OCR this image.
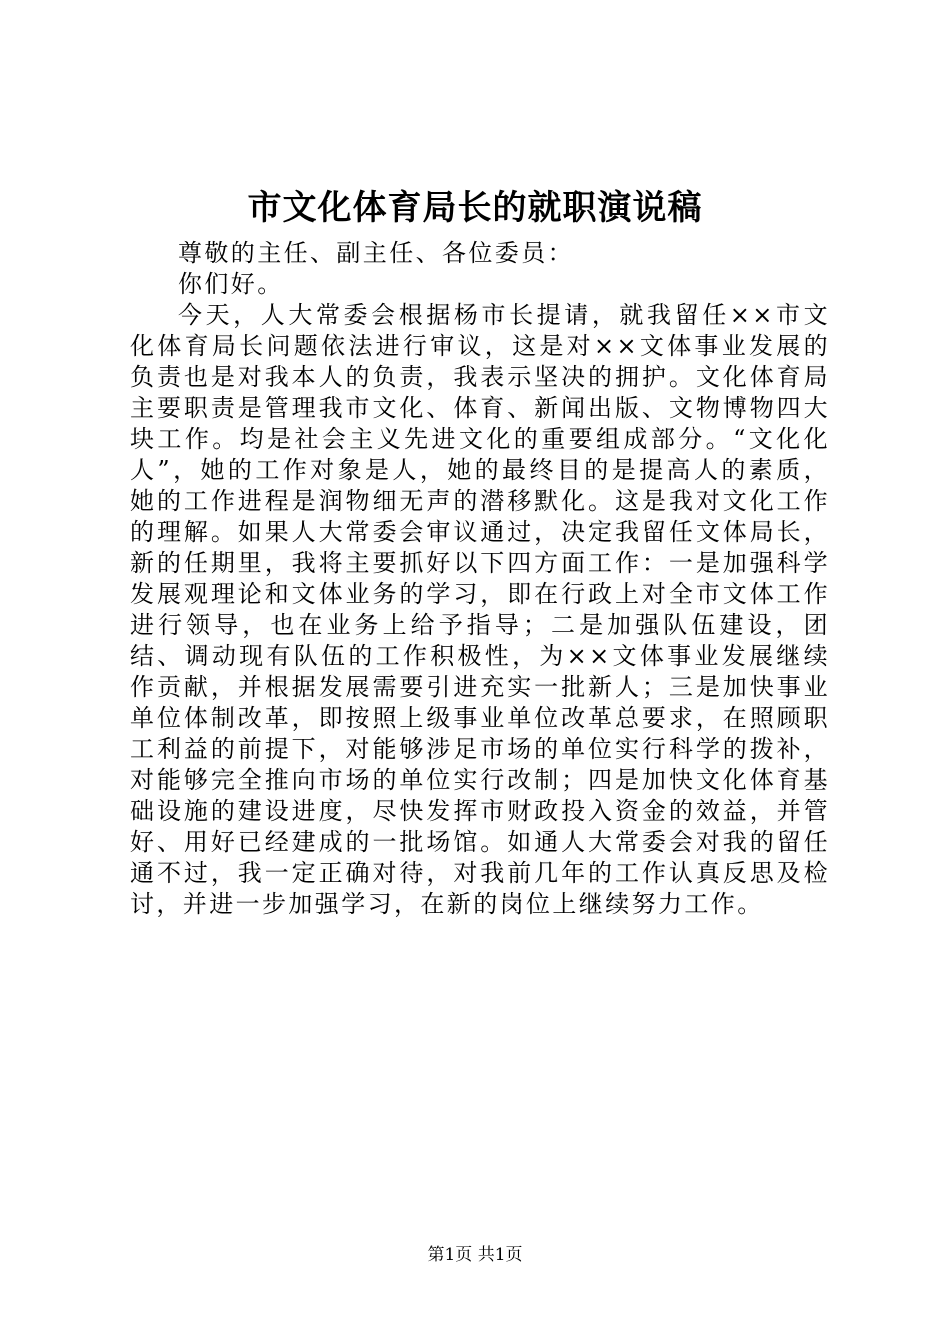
市文化体育局长的就职演说稿

尊敬的主任、副主任、各位委员：

你们好。

今天，人大常委会根据杨市长提请，就我留任××市文化体育局长问题依法进行审议，这是对××文体事业发展的负责也是对我本人的负责，我表示坚决的拥护。文化体育局主要职责是管理我市文化、体育、新闻出版、文物博物四大块工作。均是社会主义先进文化的重要组成部分。“文化化人”，她的工作对象是人，她的最终目的是提高人的素质，她的工作进程是润物细无声的潜移默化。这是我对文化工作的理解。如果人大常委会审议通过，决定我留任文体局长，新的任期里，我将主要抓好以下四方面工作：一是加强科学发展观理论和文体业务的学习，即在行政上对全市文体工作进行领导，也在业务上给予指导；二是加强队伍建设，团结、调动现有队伍的工作积极性，为××文体事业发展继续作贡献，并根据发展需要引进充实一批新人；三是加快事业单位体制改革，即按照上级事业单位改革总要求，在照顾职工利益的前提下，对能够涉足市场的单位实行科学的拨补，对能够完全推向市场的单位实行改制；四是加快文化体育基础设施的建设进度，尽快发挥市财政投入资金的效益，并管好、用好已经建成的一批场馆。如通人大常委会对我的留任通不过，我一定正确对待，对我前几年的工作认真反思及检讨，并进一步加强学习，在新的岗位上继续努力工作。

第1页 共1页
